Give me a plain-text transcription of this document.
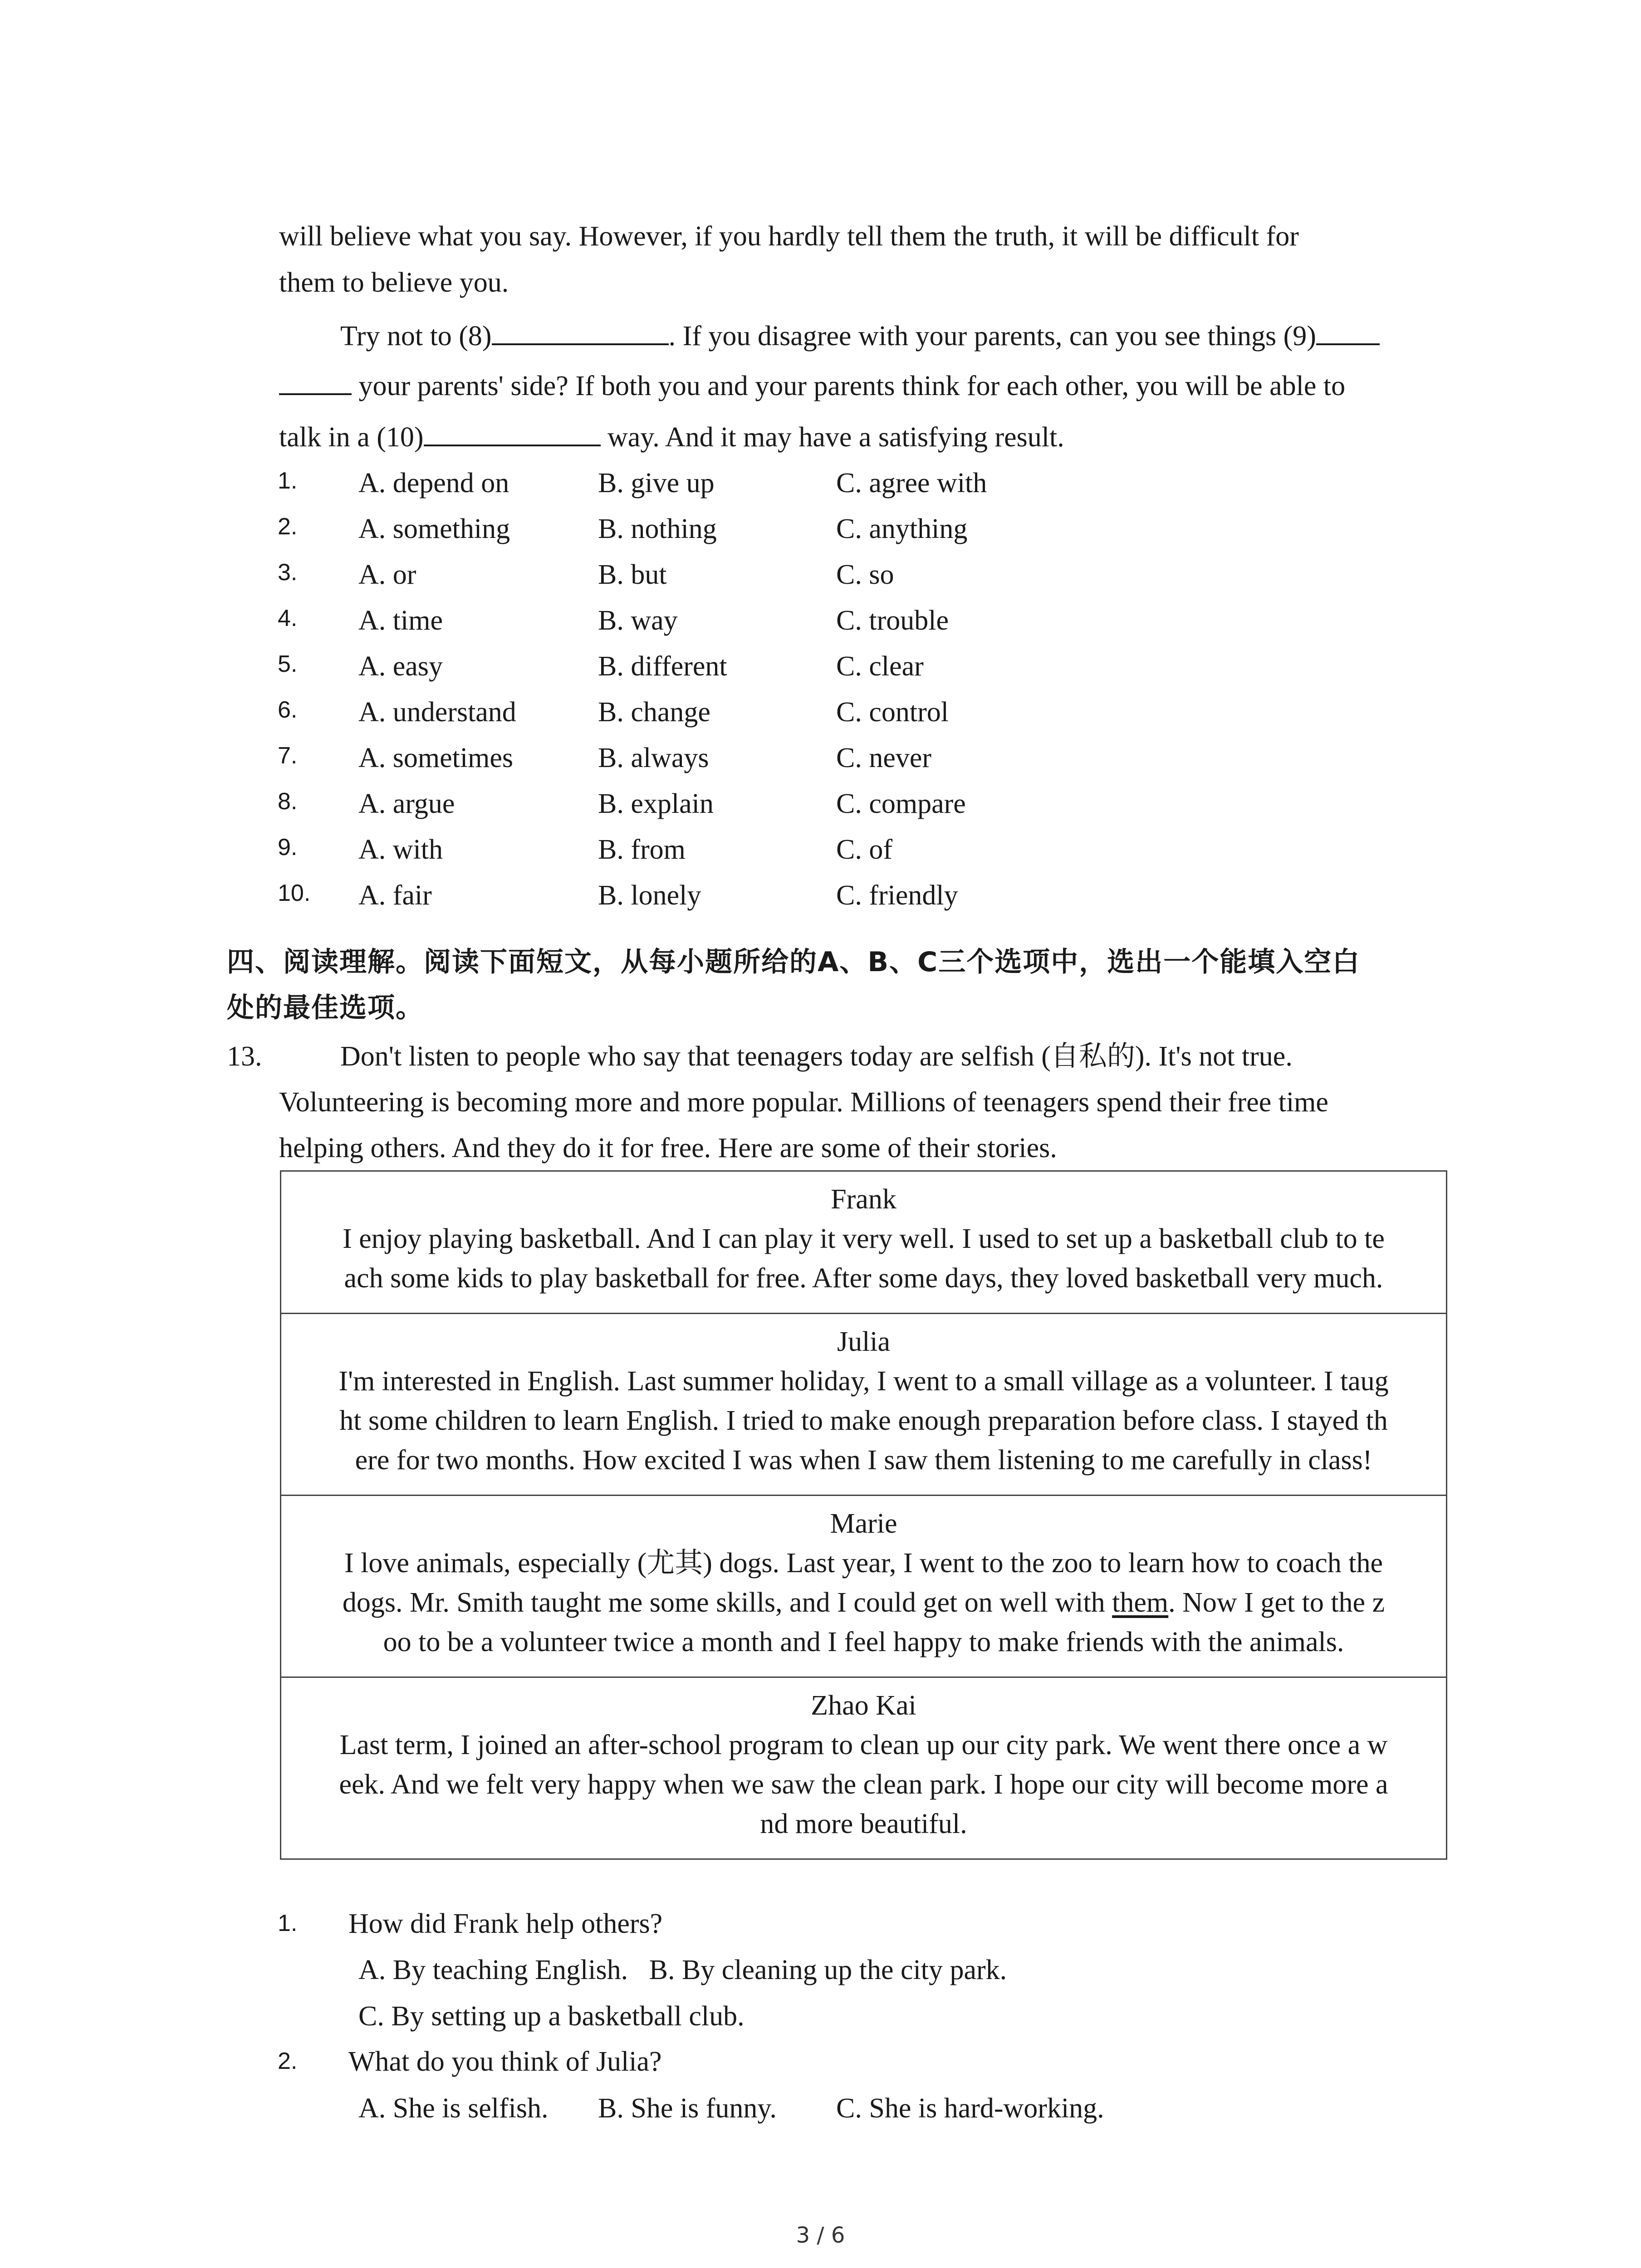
will believe what you say. However, if you hardly tell them the truth, it will be difficult for
them to believe you.
Try not to (8)	. If you disagree with your parents, can you see things (9)
your parents' side? If both you and your parents think for each other, you will be able to
talk in a (10)	way. And it may have a satisfying result.
1. A. depend on	B. give up	C. agree with
2. A. something	B. nothing	C. anything
3. A. or	B. but	C. so
4. A. time	B. way	C. trouble
5. A. easy	B. different	C. clear
6. A. understand	B. change	C. control
7. A. sometimes	B. always	C. never
8. A. argue	B. explain	C. compare
9. A. with	B. from	C. of
10. A. fair	B. lonely	C. friendly
四、阅读理解。阅读下面短文，从每小题所给的A、B、C三个选项中，选出一个能填入空白
处的最佳选项。
13.	Don't listen to people who say that teenagers today are selfish (自私的). It's not true.
Volunteering is becoming more and more popular. Millions of teenagers spend their free time
helping others. And they do it for free. Here are some of their stories.
Frank
I enjoy playing basketball. And I can play it very well. I used to set up a basketball club to te
ach some kids to play basketball for free. After some days, they loved basketball very much.

Julia
I'm interested in English. Last summer holiday, I went to a small village as a volunteer. I taug
ht some children to learn English. I tried to make enough preparation before class. I stayed th
ere for two months. How excited I was when I saw them listening to me carefully in class!

Marie
I love animals, especially (尤其) dogs. Last year, I went to the zoo to learn how to coach the
dogs. Mr. Smith taught me some skills, and I could get on well with them. Now I get to the z
oo to be a volunteer twice a month and I feel happy to make friends with the animals.

Zhao Kai
Last term, I joined an after-school program to clean up our city park. We went there once a w
eek. And we felt very happy when we saw the clean park. I hope our city will become more a
nd more beautiful.
1. How did Frank help others?
A. By teaching English.   B. By cleaning up the city park.
C. By setting up a basketball club.
2. What do you think of Julia?
A. She is selfish. B. She is funny. C. She is hard-working.
3 / 6
